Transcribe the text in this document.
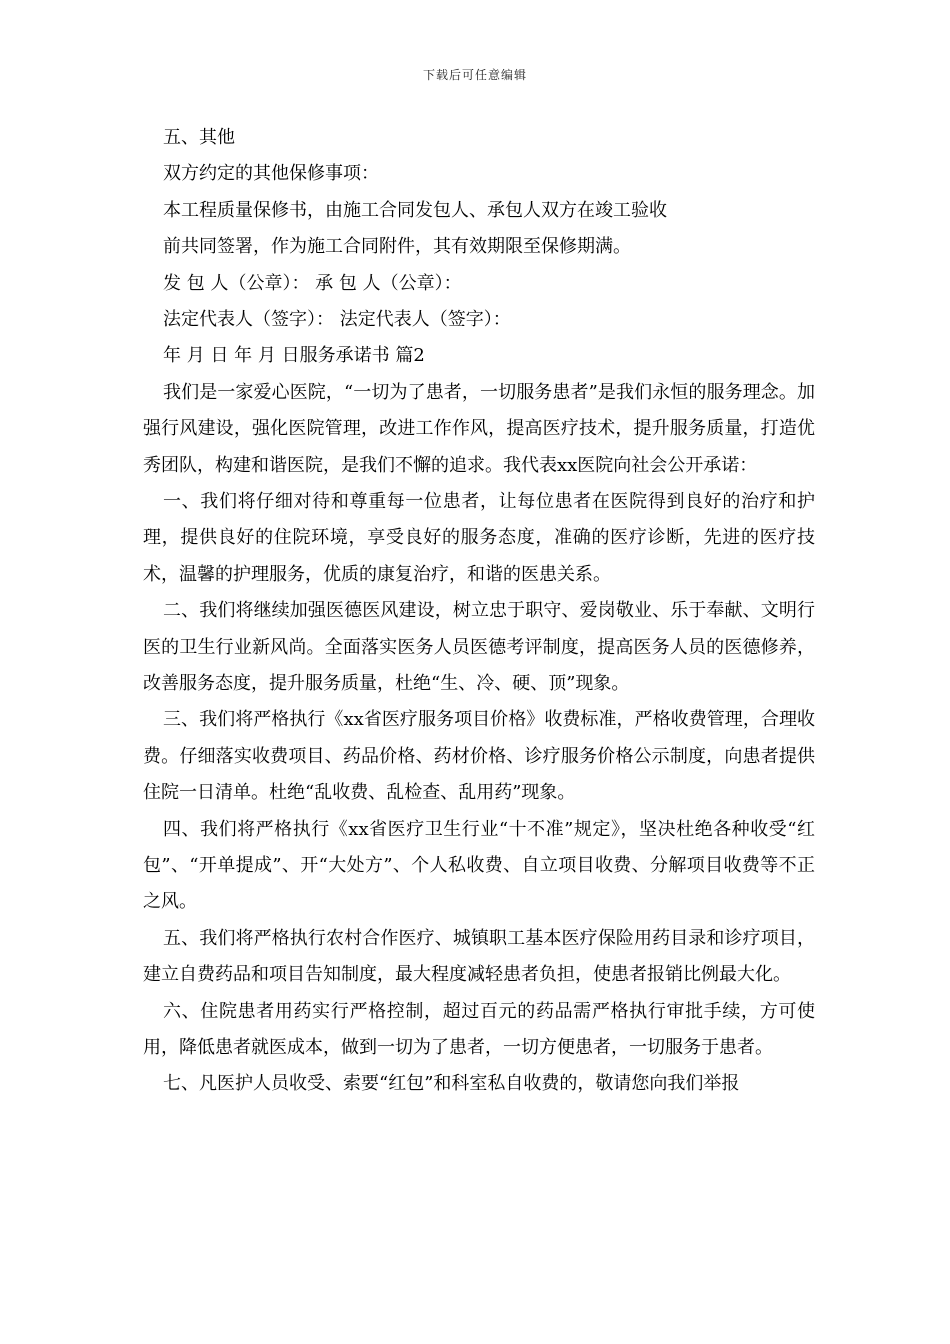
下载后可任意编辑
五、其他
双方约定的其他保修事项：
本工程质量保修书，由施工合同发包人、承包人双方在竣工验收
前共同签署，作为施工合同附件，其有效期限至保修期满。
发 包 人（公章）： 承 包 人（公章）：
法定代表人（签字）： 法定代表人（签字）：
年 月 日 年 月 日服务承诺书 篇2

我们是一家爱心医院，“一切为了患者，一切服务患者”是我们永恒的服务理念。加强行风建设，强化医院管理，改进工作作风，提高医疗技术，提升服务质量，打造优秀团队，构建和谐医院，是我们不懈的追求。我代表xx医院向社会公开承诺：

一、我们将仔细对待和尊重每一位患者，让每位患者在医院得到良好的治疗和护理，提供良好的住院环境，享受良好的服务态度，准确的医疗诊断，先进的医疗技术，温馨的护理服务，优质的康复治疗，和谐的医患关系。

二、我们将继续加强医德医风建设，树立忠于职守、爱岗敬业、乐于奉献、文明行医的卫生行业新风尚。全面落实医务人员医德考评制度，提高医务人员的医德修养，改善服务态度，提升服务质量，杜绝“生、冷、硬、顶”现象。

三、我们将严格执行《xx省医疗服务项目价格》收费标准，严格收费管理，合理收费。仔细落实收费项目、药品价格、药材价格、诊疗服务价格公示制度，向患者提供住院一日清单。杜绝“乱收费、乱检查、乱用药”现象。

四、我们将严格执行《xx省医疗卫生行业“十不准”规定》，坚决杜绝各种收受“红包”、“开单提成”、开“大处方”、个人私收费、自立项目收费、分解项目收费等不正之风。

五、我们将严格执行农村合作医疗、城镇职工基本医疗保险用药目录和诊疗项目，建立自费药品和项目告知制度，最大程度减轻患者负担，使患者报销比例最大化。

六、住院患者用药实行严格控制，超过百元的药品需严格执行审批手续，方可使用，降低患者就医成本，做到一切为了患者，一切方便患者，一切服务于患者。

七、凡医护人员收受、索要“红包”和科室私自收费的，敬请您向我们举报
